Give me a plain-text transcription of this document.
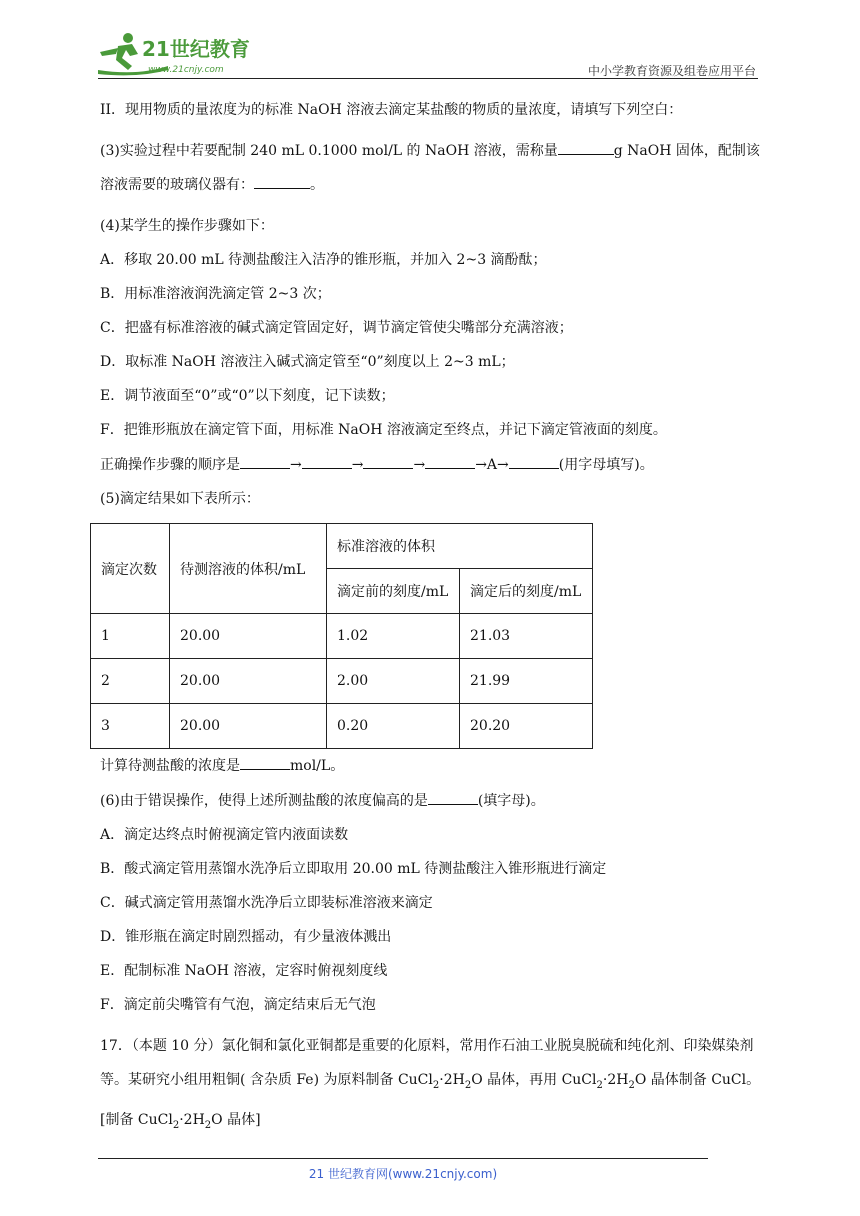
21世纪教育
www.21cnjy.com	中小学教育资源及组卷应用平台

II．现用物质的量浓度为的标准 NaOH 溶液去滴定某盐酸的物质的量浓度，请填写下列空白：

(3)实验过程中若要配制 240 mL 0.1000 mol/L 的 NaOH 溶液，需称量	g NaOH 固体，配制该溶液需要的玻璃仪器有：	。

(4)某学生的操作步骤如下：

A．移取 20.00 mL 待测盐酸注入洁净的锥形瓶，并加入 2~3 滴酚酞；

B．用标准溶液润洗滴定管 2~3 次；

C．把盛有标准溶液的碱式滴定管固定好，调节滴定管使尖嘴部分充满溶液；

D．取标准 NaOH 溶液注入碱式滴定管至“0”刻度以上 2~3 mL；

E．调节液面至“0”或“0”以下刻度，记下读数；

F．把锥形瓶放在滴定管下面，用标准 NaOH 溶液滴定至终点，并记下滴定管液面的刻度。

正确操作步骤的顺序是	→	→	→	→A→	(用字母填写)。

(5)滴定结果如下表所示：

滴定次数	待测溶液的体积/mL	标准溶液的体积	
		滴定前的刻度/mL	滴定后的刻度/mL
1	20.00	1.02	21.03
2	20.00	2.00	21.99
3	20.00	0.20	20.20

计算待测盐酸的浓度是	mol/L。

(6)由于错误操作，使得上述所测盐酸的浓度偏高的是	(填字母)。

A．滴定达终点时俯视滴定管内液面读数

B．酸式滴定管用蒸馏水洗净后立即取用 20.00 mL 待测盐酸注入锥形瓶进行滴定

C．碱式滴定管用蒸馏水洗净后立即装标准溶液来滴定

D．锥形瓶在滴定时剧烈摇动，有少量液体溅出

E．配制标准 NaOH 溶液，定容时俯视刻度线

F．滴定前尖嘴管有气泡，滴定结束后无气泡

17．（本题 10 分）氯化铜和氯化亚铜都是重要的化原料，常用作石油工业脱臭脱硫和纯化剂、印染媒染剂等。某研究小组用粗铜( 含杂质 Fe) 为原料制备 $CuCl_2\cdot 2H_2O$ 晶体，再用 $CuCl_2\cdot 2H_2O$ 晶体制备 CuCl。

[制备 $CuCl_2\cdot 2H_2O$ 晶体]

21 世纪教育网(www.21cnjy.com)
